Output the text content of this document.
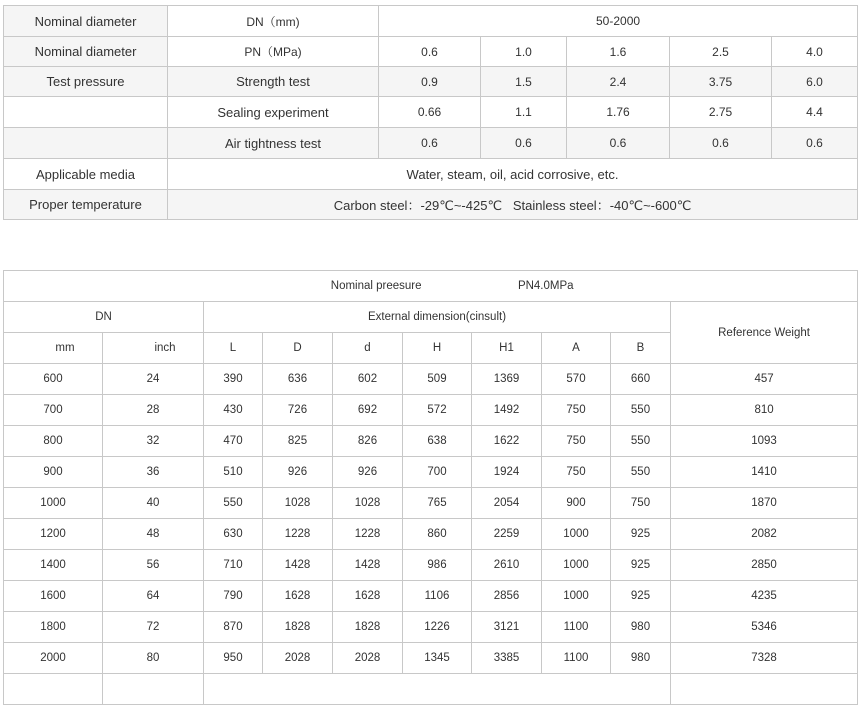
Nominal diameter	DN（mm)	50-2000				
Nominal diameter	PN（MPa)	0.6	1.0	1.6	2.5	4.0
Test pressure	Strength test	0.9	1.5	2.4	3.75	6.0
	Sealing experiment	0.66	1.1	1.76	2.75	4.4
	Air tightness test	0.6	0.6	0.6	0.6	0.6
Applicable media	Water, steam, oil, acid corrosive, etc.					
Proper temperature	Carbon steel：-29℃~-425℃   Stainless steel：-40℃~-600℃					
Nominal preesure PN4.0MPa									
DN		External dimension(cinsult)							Reference Weight
mm	inch	L	D	d	H	H1	A	B	
600	24	390	636	602	509	1369	570	660	457
700	28	430	726	692	572	1492	750	550	810
800	32	470	825	826	638	1622	750	550	1093
900	36	510	926	926	700	1924	750	550	1410
1000	40	550	1028	1028	765	2054	900	750	1870
1200	48	630	1228	1228	860	2259	1000	925	2082
1400	56	710	1428	1428	986	2610	1000	925	2850
1600	64	790	1628	1628	1106	2856	1000	925	4235
1800	72	870	1828	1828	1226	3121	1100	980	5346
2000	80	950	2028	2028	1345	3385	1100	980	7328
